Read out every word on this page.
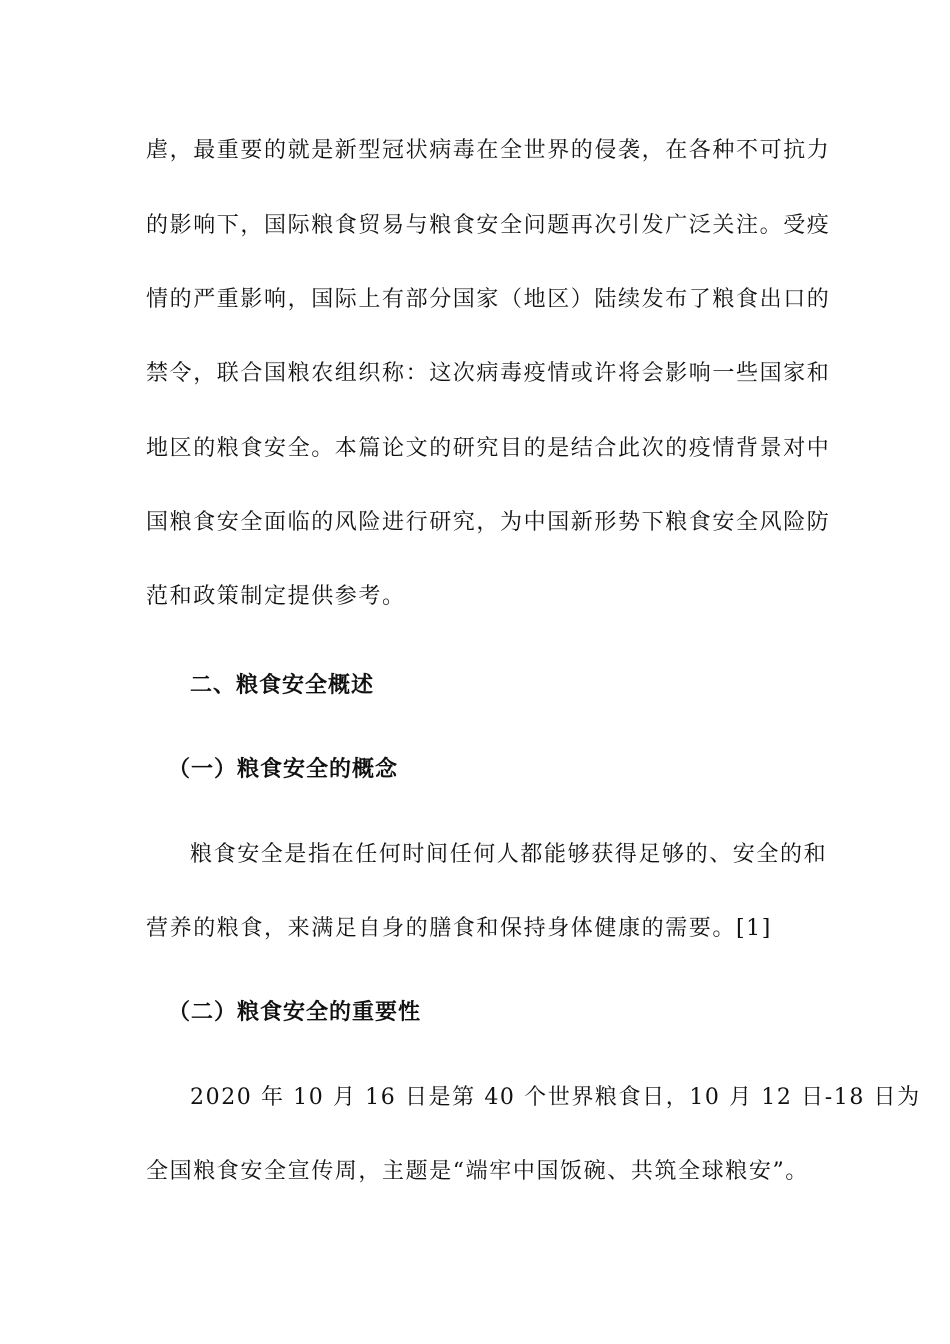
虐，最重要的就是新型冠状病毒在全世界的侵袭，在各种不可抗力
的影响下，国际粮食贸易与粮食安全问题再次引发广泛关注。受疫
情的严重影响，国际上有部分国家（地区）陆续发布了粮食出口的
禁令，联合国粮农组织称：这次病毒疫情或许将会影响一些国家和
地区的粮食安全。本篇论文的研究目的是结合此次的疫情背景对中
国粮食安全面临的风险进行研究，为中国新形势下粮食安全风险防
范和政策制定提供参考。
二、粮食安全概述
（一）粮食安全的概念
粮食安全是指在任何时间任何人都能够获得足够的、安全的和
营养的粮食，来满足自身的膳食和保持身体健康的需要。[1]
（二）粮食安全的重要性
2020 年 10 月 16 日是第 40 个世界粮食日，10 月 12 日-18 日为
全国粮食安全宣传周，主题是“端牢中国饭碗、共筑全球粮安”。
